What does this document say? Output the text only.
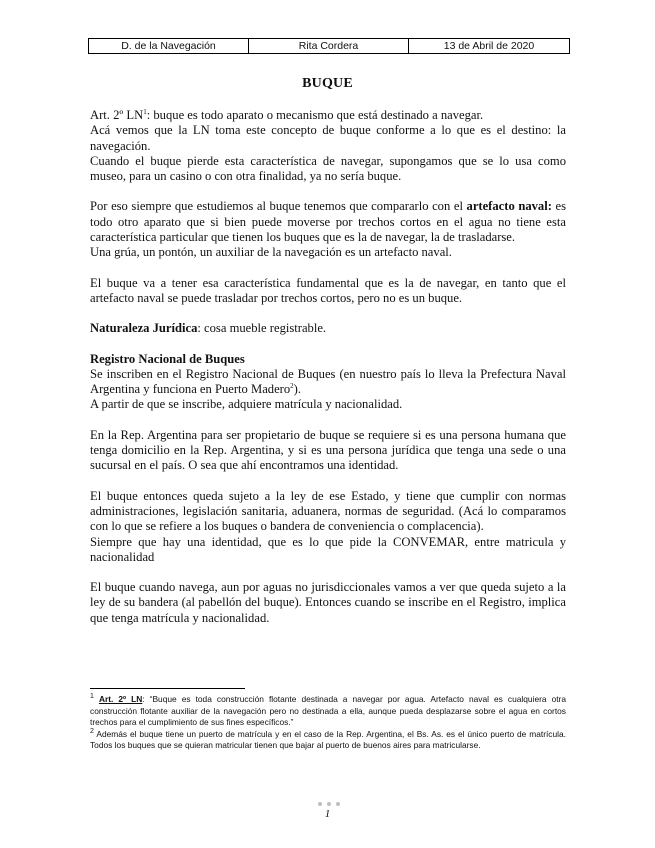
D. de la Navegación	Rita Cordera	13 de Abril de 2020
BUQUE

Art. 2º $LN^1$: buque es todo aparato o mecanismo que está destinado a navegar.

Acá vemos que la LN toma este concepto de buque conforme a lo que es el destino: la navegación.

Cuando el buque pierde esta característica de navegar, supongamos que se lo usa como museo, para un casino o con otra finalidad, ya no sería buque.

Por eso siempre que estudiemos al buque tenemos que compararlo con el artefacto naval: es todo otro aparato que si bien puede moverse por trechos cortos en el agua no tiene esta característica particular que tienen los buques que es la de navegar, la de trasladarse.

Una grúa, un pontón, un auxiliar de la navegación es un artefacto naval.

El buque va a tener esa característica fundamental que es la de navegar, en tanto que el artefacto naval se puede trasladar por trechos cortos, pero no es un buque.

Naturaleza Jurídica: cosa mueble registrable.

Registro Nacional de Buques

Se inscriben en el Registro Nacional de Buques (en nuestro país lo lleva la Prefectura Naval Argentina y funciona en Puerto Madero$^2$).

A partir de que se inscribe, adquiere matrícula y nacionalidad.

En la Rep. Argentina para ser propietario de buque se requiere si es una persona humana que tenga domicilio en la Rep. Argentina, y si es una persona jurídica que tenga una sede o una sucursal en el país. O sea que ahí encontramos una identidad.

El buque entonces queda sujeto a la ley de ese Estado, y tiene que cumplir con normas administraciones, legislación sanitaria, aduanera, normas de seguridad. (Acá lo comparamos con lo que se refiere a los buques o bandera de conveniencia o complacencia).

Siempre que hay una identidad, que es lo que pide la CONVEMAR, entre matricula y nacionalidad

El buque cuando navega, aun por aguas no jurisdiccionales vamos a ver que queda sujeto a la ley de su bandera (al pabellón del buque). Entonces cuando se inscribe en el Registro, implica que tenga matrícula y nacionalidad.

$^1$ Art. 2º LN: “Buque es toda construcción flotante destinada a navegar por agua. Artefacto naval es cualquiera otra construcción flotante auxiliar de la navegación pero no destinada a ella, aunque pueda desplazarse sobre el agua en cortos trechos para el cumplimiento de sus fines específicos.”

$^2$ Además el buque tiene un puerto de matrícula y en el caso de la Rep. Argentina, el Bs. As. es el único puerto de matrícula. Todos los buques que se quieran matricular tienen que bajar al puerto de buenos aires para matricularse.

1
